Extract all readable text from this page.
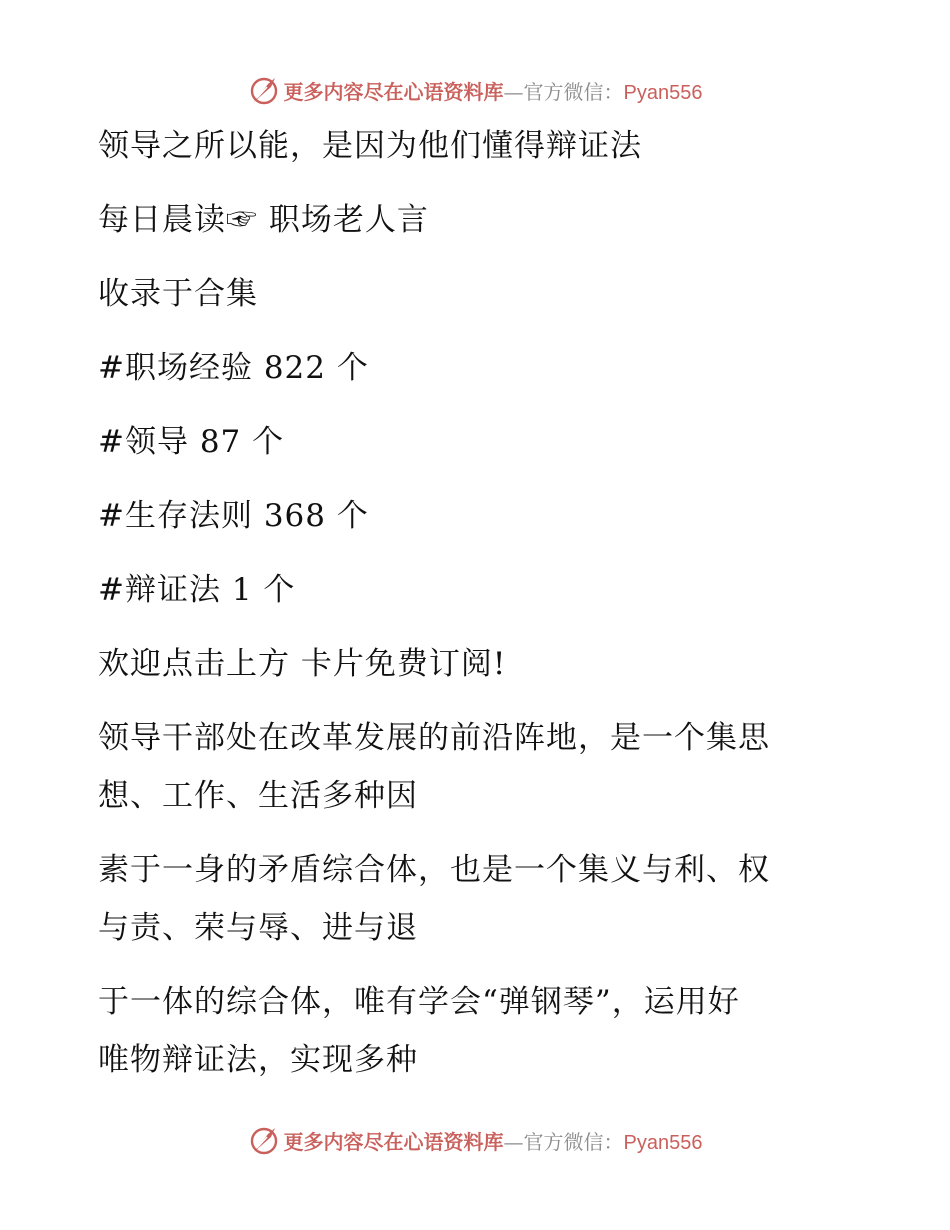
更多内容尽在心语资料库—官方微信：Pyan556
领导之所以能，是因为他们懂得辩证法
每日晨读☞ 职场老人言
收录于合集
#职场经验 822 个
#领导 87 个
#生存法则 368 个
#辩证法 1 个
欢迎点击上方 卡片免费订阅!
领导干部处在改革发展的前沿阵地，是一个集思
想、工作、生活多种因
素于一身的矛盾综合体，也是一个集义与利、权
与责、荣与辱、进与退
于一体的综合体，唯有学会“弹钢琴”，运用好
唯物辩证法，实现多种
更多内容尽在心语资料库—官方微信：Pyan556
